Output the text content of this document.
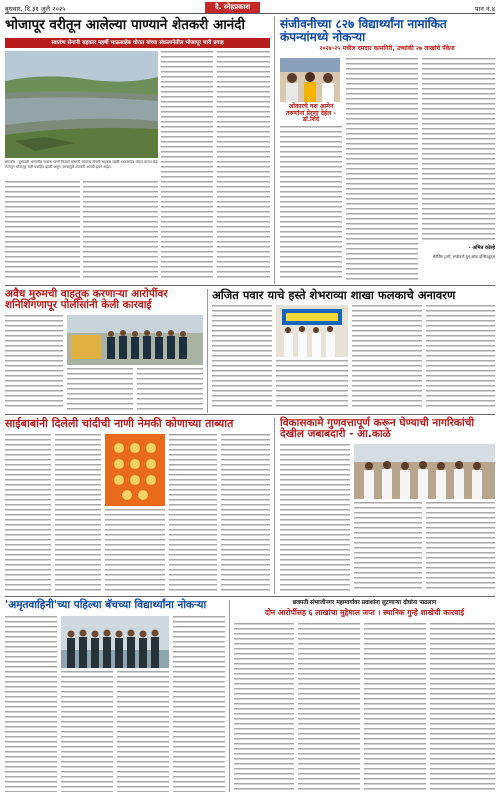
बुधवार, दि.३१ जुलै २०२५	दै. स्नेहप्रकाश	पान नं.४
भोजापूर वरीतून आलेल्या पाण्याने शेतकरी आनंदी
स्वातंत्र्य सेनानी सहकार महर्षी भाऊसाहेब थोरात यांच्या संकल्पनेतील भोजापूर चारी प्रवाह

संगमनेर - दुष्काळी भागातील गावांना पाणी मिळावे यासाठी स्वातंत्र्य सेनानी सहकार महर्षी भाऊसाहेब थोरात यांच्या संकल्पनेतून भोजापूर चारी प्रवाहित झाली असून पाण्यामुळे शेतकरी आनंदी झाले आहेत.

संजीवनीच्या ८२७ विद्यार्थ्यांना नामांकित कंपन्यांमध्ये नोकऱ्या
२०२४-२५ मधील दमदार कामगिरी, उच्चांकी २७ लाखांचे पॅकेज
ओंकारचे यश आमेन तरुणांना प्रेरणा देईल - डॉ.शिंदे
- अमित कोल्हे
मॅनेजिंग ट्रस्टी, संजीवनी ग्रुप ऑफ इन्स्टिट्युट्स
अवैध मुरुमची वाहतूक करणाऱ्या आरोपींवर शनिशिंगणापूर पोलीसांनी केली कारवाई
अजित पवार याचे हस्ते शेभराव्या शाखा फलकाचे अनावरण
साईबाबांनी दिलेली चांदीची नाणी नेमकी कोणाच्या ताब्यात	विकासकामे गुणवत्तापूर्ण करून घेण्याची नागरिकांची देखील जबाबदारी - आ.काळे
'अमृतवाहिनी'च्या पहिल्या बॅचच्या विद्यार्थ्यांना नोकऱ्या	छत्रपती संभाजीनगर महामार्गावर प्रवाशांना लुटणाऱ्या दोघांना पाठलाग
दोन आरोपींसह ६ लाखांचा मुद्देमाल जप्त । स्थानिक गुन्हे शाखेची कारवाई
